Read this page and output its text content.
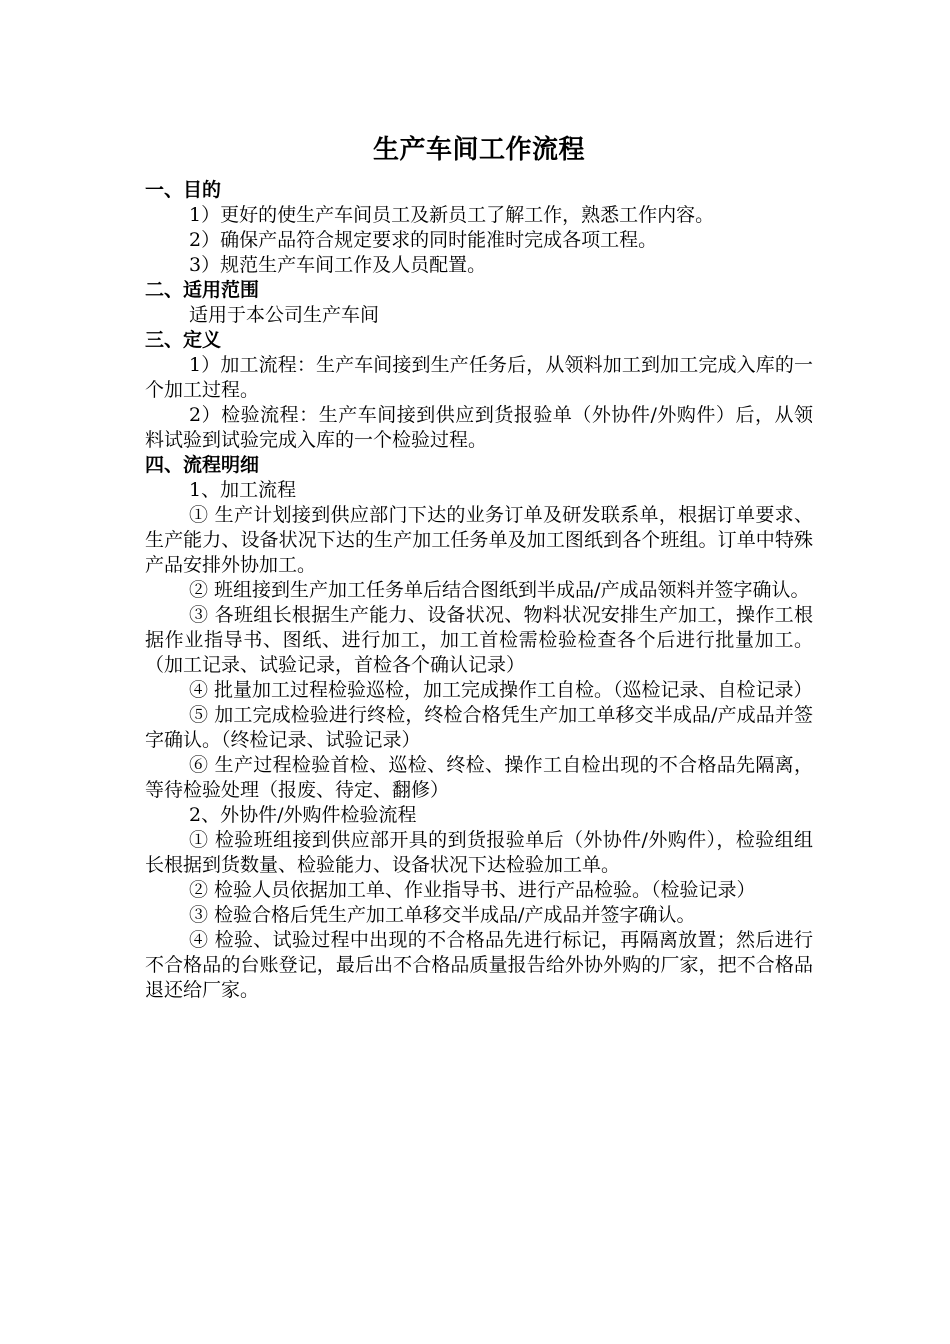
生产车间工作流程

一、目的

1）更好的使生产车间员工及新员工了解工作，熟悉工作内容。

2）确保产品符合规定要求的同时能准时完成各项工程。

3）规范生产车间工作及人员配置。

二、适用范围

适用于本公司生产车间

三、定义

1）加工流程：生产车间接到生产任务后，从领料加工到加工完成入库的一个加工过程。

2）检验流程：生产车间接到供应到货报验单（外协件/外购件）后，从领料试验到试验完成入库的一个检验过程。

四、流程明细

1、加工流程

① 生产计划接到供应部门下达的业务订单及研发联系单，根据订单要求、生产能力、设备状况下达的生产加工任务单及加工图纸到各个班组。订单中特殊产品安排外协加工。

② 班组接到生产加工任务单后结合图纸到半成品/产成品领料并签字确认。

③ 各班组长根据生产能力、设备状况、物料状况安排生产加工，操作工根据作业指导书、图纸、进行加工，加工首检需检验检查各个后进行批量加工。（加工记录、试验记录，首检各个确认记录）

④ 批量加工过程检验巡检，加工完成操作工自检。（巡检记录、自检记录）

⑤ 加工完成检验进行终检，终检合格凭生产加工单移交半成品/产成品并签字确认。（终检记录、试验记录）

⑥ 生产过程检验首检、巡检、终检、操作工自检出现的不合格品先隔离，等待检验处理（报废、待定、翻修）

2、外协件/外购件检验流程

① 检验班组接到供应部开具的到货报验单后（外协件/外购件），检验组组长根据到货数量、检验能力、设备状况下达检验加工单。

② 检验人员依据加工单、作业指导书、进行产品检验。（检验记录）

③ 检验合格后凭生产加工单移交半成品/产成品并签字确认。

④ 检验、试验过程中出现的不合格品先进行标记，再隔离放置；然后进行不合格品的台账登记，最后出不合格品质量报告给外协外购的厂家，把不合格品退还给厂家。
